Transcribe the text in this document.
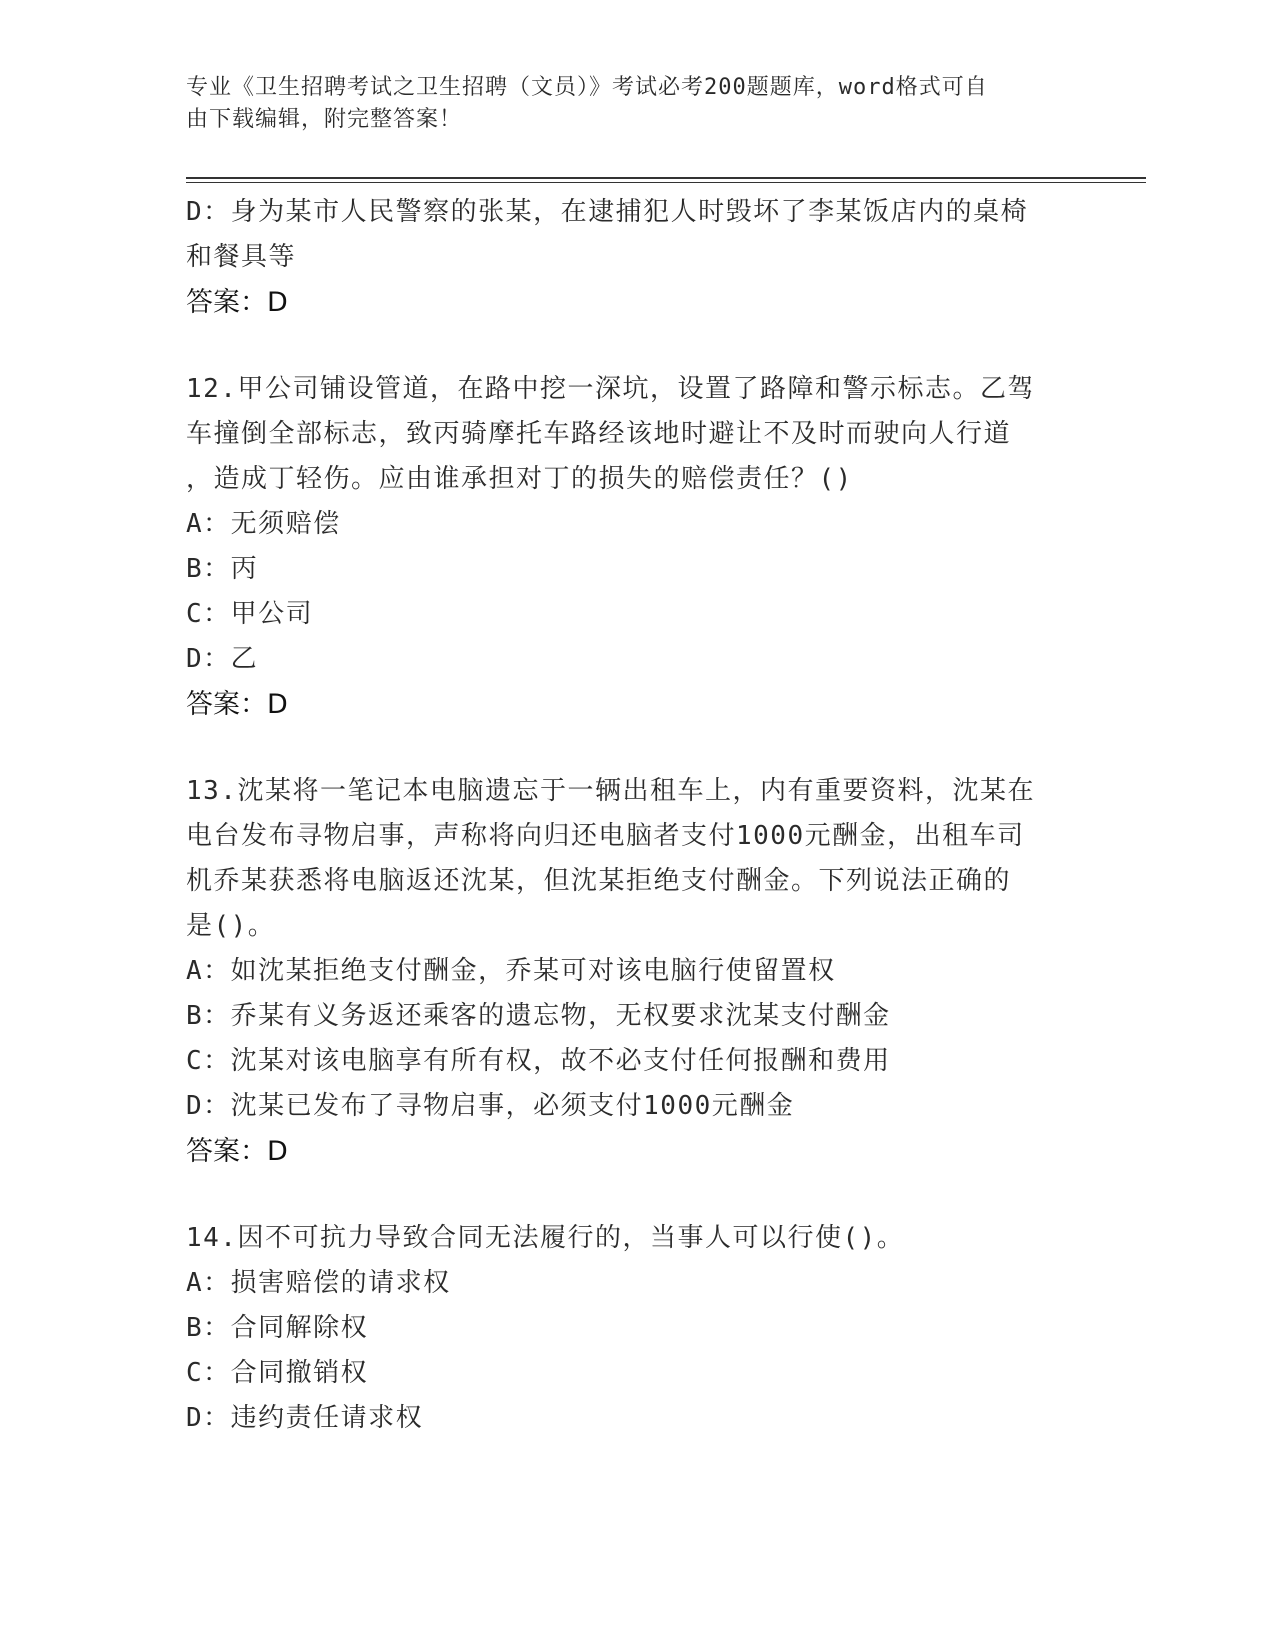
专业《卫生招聘考试之卫生招聘（文员）》考试必考200题题库，word格式可自
由下载编辑，附完整答案！
D：身为某市人民警察的张某，在逮捕犯人时毁坏了李某饭店内的桌椅
和餐具等
答案：D
12.甲公司铺设管道，在路中挖一深坑，设置了路障和警示标志。乙驾
车撞倒全部标志，致丙骑摩托车路经该地时避让不及时而驶向人行道
，造成丁轻伤。应由谁承担对丁的损失的赔偿责任？()
A：无须赔偿
B：丙
C：甲公司
D：乙
答案：D
13.沈某将一笔记本电脑遗忘于一辆出租车上，内有重要资料，沈某在
电台发布寻物启事，声称将向归还电脑者支付1000元酬金，出租车司
机乔某获悉将电脑返还沈某，但沈某拒绝支付酬金。下列说法正确的
是()。
A：如沈某拒绝支付酬金，乔某可对该电脑行使留置权
B：乔某有义务返还乘客的遗忘物，无权要求沈某支付酬金
C：沈某对该电脑享有所有权，故不必支付任何报酬和费用
D：沈某已发布了寻物启事，必须支付1000元酬金
答案：D
14.因不可抗力导致合同无法履行的，当事人可以行使()。
A：损害赔偿的请求权
B：合同解除权
C：合同撤销权
D：违约责任请求权
